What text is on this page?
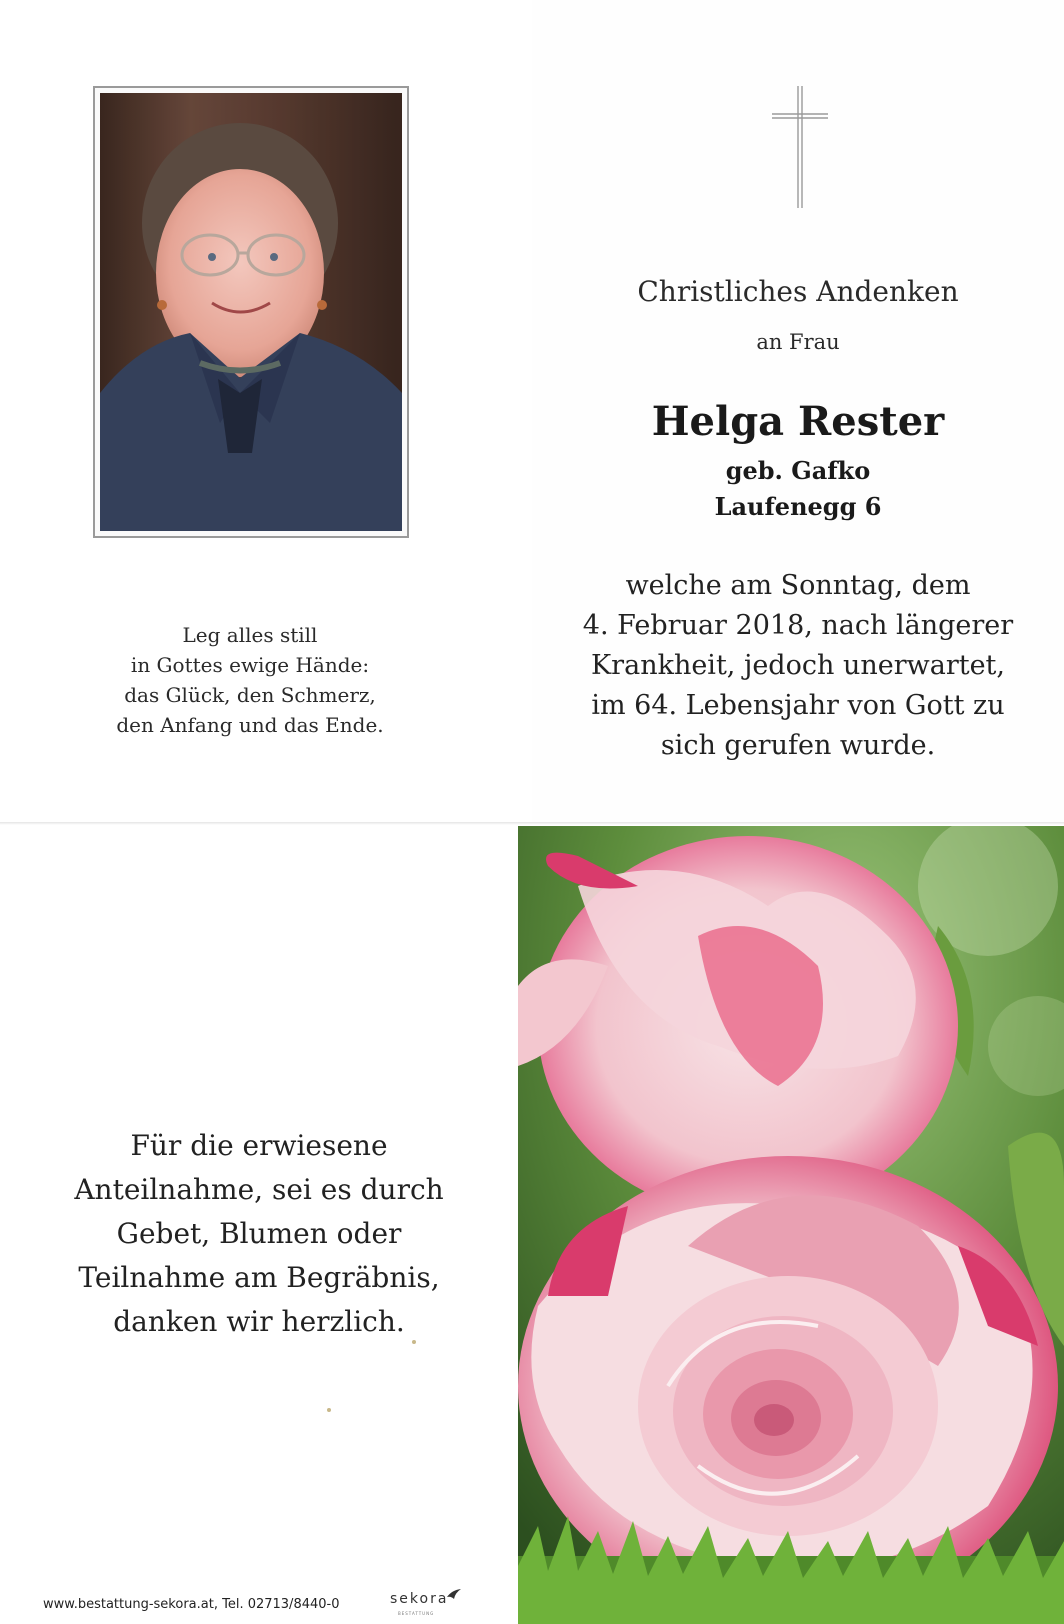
Leg alles still
in Gottes ewige Hände:
das Glück, den Schmerz,
den Anfang und das Ende.
Christliches Andenken
an Frau
Helga Rester
geb. Gafko
Laufenegg 6
welche am Sonntag, dem
4. Februar 2018, nach längerer
Krankheit, jedoch unerwartet,
im 64. Lebensjahr von Gott zu
sich gerufen wurde.
Für die erwiesene
Anteilnahme, sei es durch
Gebet, Blumen oder
Teilnahme am Begräbnis,
danken wir herzlich.
www.bestattung-sekora.at, Tel. 02713/8440-0	sekora
BESTATTUNG
